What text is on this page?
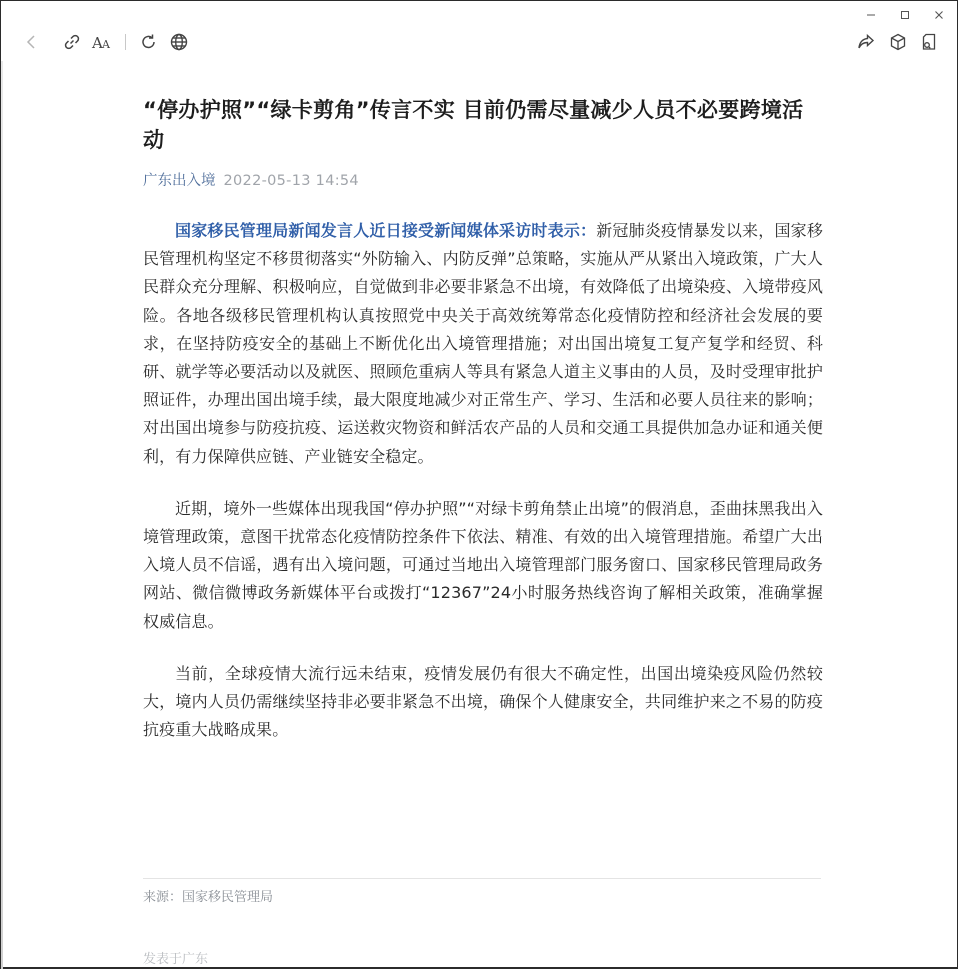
A A
“停办护照”“绿卡剪角”传言不实 目前仍需尽量减少人员不必要跨境活动
广东出入境 2022-05-13 14:54

国家移民管理局新闻发言人近日接受新闻媒体采访时表示：新冠肺炎疫情暴发以来，国家移民管理机构坚定不移贯彻落实“外防输入、内防反弹”总策略，实施从严从紧出入境政策，广大人民群众充分理解、积极响应，自觉做到非必要非紧急不出境，有效降低了出境染疫、入境带疫风险。各地各级移民管理机构认真按照党中央关于高效统筹常态化疫情防控和经济社会发展的要求，在坚持防疫安全的基础上不断优化出入境管理措施；对出国出境复工复产复学和经贸、科研、就学等必要活动以及就医、照顾危重病人等具有紧急人道主义事由的人员，及时受理审批护照证件，办理出国出境手续，最大限度地减少对正常生产、学习、生活和必要人员往来的影响；对出国出境参与防疫抗疫、运送救灾物资和鲜活农产品的人员和交通工具提供加急办证和通关便利，有力保障供应链、产业链安全稳定。

近期，境外一些媒体出现我国“停办护照”“对绿卡剪角禁止出境”的假消息，歪曲抹黑我出入境管理政策，意图干扰常态化疫情防控条件下依法、精准、有效的出入境管理措施。希望广大出入境人员不信谣，遇有出入境问题，可通过当地出入境管理部门服务窗口、国家移民管理局政务网站、微信微博政务新媒体平台或拨打“12367”24小时服务热线咨询了解相关政策，准确掌握权威信息。

当前，全球疫情大流行远未结束，疫情发展仍有很大不确定性，出国出境染疫风险仍然较大，境内人员仍需继续坚持非必要非紧急不出境，确保个人健康安全，共同维护来之不易的防疫抗疫重大战略成果。

来源：国家移民管理局
发表于广东
